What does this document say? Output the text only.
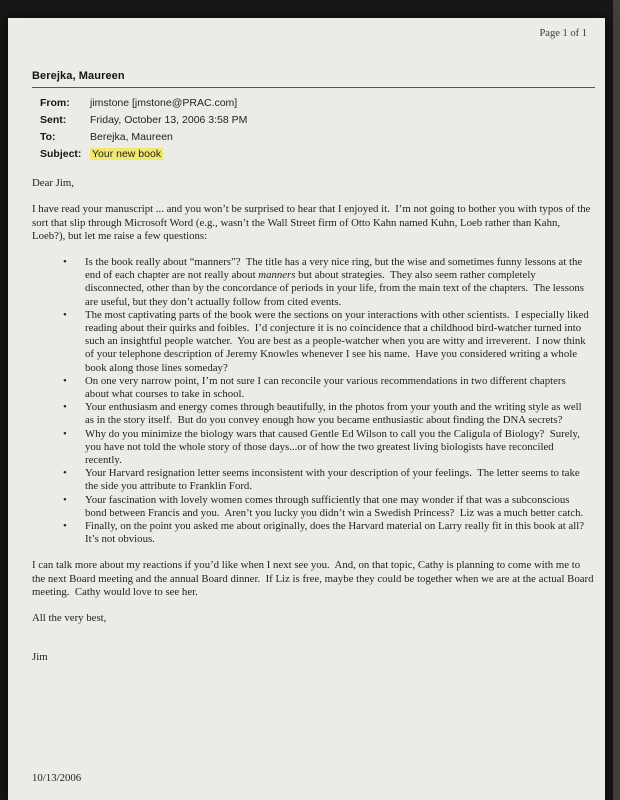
Page 1 of 1
Berejka, Maureen
From:	jimstone [jmstone@PRAC.com]
Sent:	Friday, October 13, 2006 3:58 PM
To:	Berejka, Maureen
Subject:	Your new book

Dear Jim,

I have read your manuscript ... and you won’t be surprised to hear that I enjoyed it.  I’m not going to bother you with typos of the sort that slip through Microsoft Word (e.g., wasn’t the Wall Street firm of Otto Kahn named Kuhn, Loeb rather than Kahn, Loeb?), but let me raise a few questions:

• Is the book really about “manners”?  The title has a very nice ring, but the wise and sometimes funny lessons at the end of each chapter are not really about manners but about strategies.  They also seem rather completely disconnected, other than by the concordance of periods in your life, from the main text of the chapters.  The lessons are useful, but they don’t actually follow from cited events.
• The most captivating parts of the book were the sections on your interactions with other scientists.  I especially liked reading about their quirks and foibles.  I’d conjecture it is no coincidence that a childhood bird-watcher turned into such an insightful people watcher.  You are best as a people-watcher when you are witty and irreverent.  I now think of your telephone description of Jeremy Knowles whenever I see his name.  Have you considered writing a whole book along those lines someday?
• On one very narrow point, I’m not sure I can reconcile your various recommendations in two different chapters about what courses to take in school.
• Your enthusiasm and energy comes through beautifully, in the photos from your youth and the writing style as well as in the story itself.  But do you convey enough how you became enthusiastic about finding the DNA secrets?
• Why do you minimize the biology wars that caused Gentle Ed Wilson to call you the Caligula of Biology?  Surely, you have not told the whole story of those days...or of how the two greatest living biologists have reconciled recently.
• Your Harvard resignation letter seems inconsistent with your description of your feelings.  The letter seems to take the side you attribute to Franklin Ford.
• Your fascination with lovely women comes through sufficiently that one may wonder if that was a subconscious bond between Francis and you.  Aren’t you lucky you didn’t win a Swedish Princess?  Liz was a much better catch.
• Finally, on the point you asked me about originally, does the Harvard material on Larry really fit in this book at all?  It’s not obvious.

I can talk more about my reactions if you’d like when I next see you.  And, on that topic, Cathy is planning to come with me to the next Board meeting and the annual Board dinner.  If Liz is free, maybe they could be together when we are at the actual Board meeting.  Cathy would love to see her.

All the very best,

Jim

10/13/2006
